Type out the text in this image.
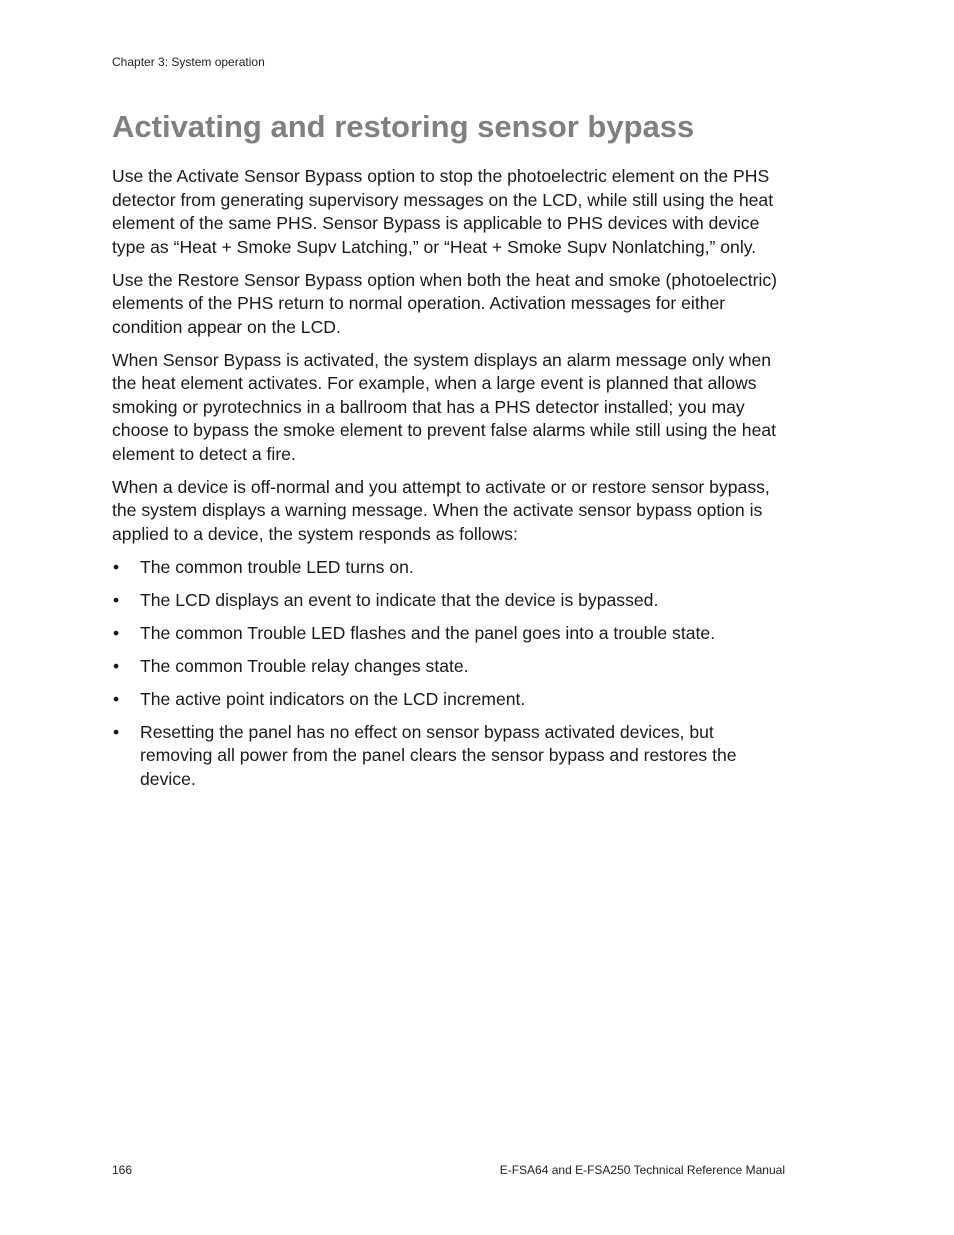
Chapter 3: System operation
Activating and restoring sensor bypass

Use the Activate Sensor Bypass option to stop the photoelectric element on the PHS detector from generating supervisory messages on the LCD, while still using the heat element of the same PHS. Sensor Bypass is applicable to PHS devices with device type as “Heat + Smoke Supv Latching,” or “Heat + Smoke Supv Nonlatching,” only.

Use the Restore Sensor Bypass option when both the heat and smoke (photoelectric) elements of the PHS return to normal operation. Activation messages for either condition appear on the LCD.

When Sensor Bypass is activated, the system displays an alarm message only when the heat element activates. For example, when a large event is planned that allows smoking or pyrotechnics in a ballroom that has a PHS detector installed; you may choose to bypass the smoke element to prevent false alarms while still using the heat element to detect a fire.

When a device is off-normal and you attempt to activate or or restore sensor bypass, the system displays a warning message. When the activate sensor bypass option is applied to a device, the system responds as follows:

• The common trouble LED turns on.
• The LCD displays an event to indicate that the device is bypassed.
• The common Trouble LED flashes and the panel goes into a trouble state.
• The common Trouble relay changes state.
• The active point indicators on the LCD increment.
• Resetting the panel has no effect on sensor bypass activated devices, but removing all power from the panel clears the sensor bypass and restores the device.
166	E-FSA64 and E-FSA250 Technical Reference Manual
